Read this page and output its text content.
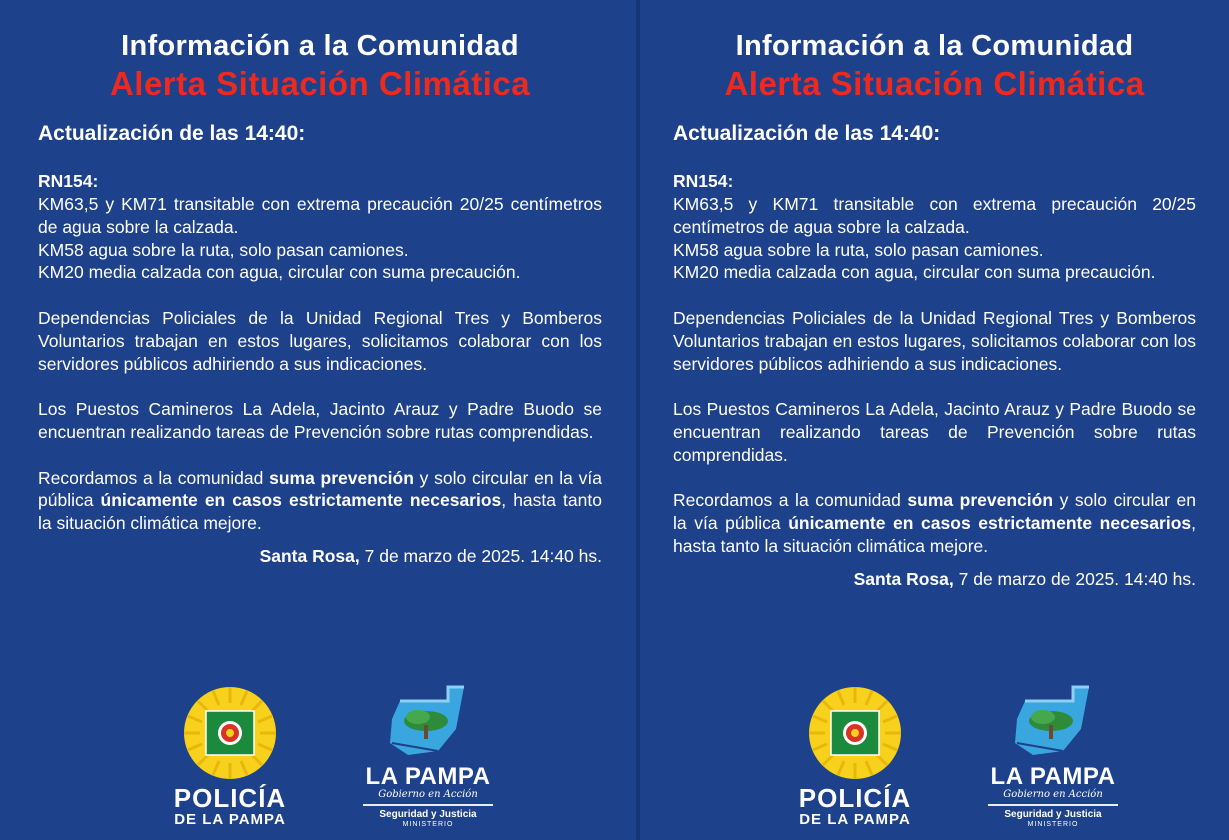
Información a la Comunidad
Alerta Situación Climática
Actualización de las 14:40:
RN154:
KM63,5 y KM71 transitable con extrema precaución 20/25 centímetros de agua sobre la calzada.
KM58 agua sobre la ruta, solo pasan camiones.
KM20 media calzada con agua, circular con suma precaución.
Dependencias Policiales de la Unidad Regional Tres y Bomberos Voluntarios trabajan en estos lugares, solicitamos colaborar con los servidores públicos adhiriendo a sus indicaciones.
Los Puestos Camineros La Adela, Jacinto Arauz y Padre Buodo se encuentran realizando tareas de Prevención sobre rutas comprendidas.
Recordamos a la comunidad suma prevención y solo circular en la vía pública únicamente en casos estrictamente necesarios, hasta tanto la situación climática mejore.
Santa Rosa, 7 de marzo de 2025. 14:40 hs.
POLICÍA
DE LA PAMPA
LA PAMPA
Gobierno en Acción
Seguridad y Justicia
MINISTERIO
Información a la Comunidad
Alerta Situación Climática
Actualización de las 14:40:
RN154:
KM63,5 y KM71 transitable con extrema precaución 20/25 centímetros de agua sobre la calzada.
KM58 agua sobre la ruta, solo pasan camiones.
KM20 media calzada con agua, circular con suma precaución.
Dependencias Policiales de la Unidad Regional Tres y Bomberos Voluntarios trabajan en estos lugares, solicitamos colaborar con los servidores públicos adhiriendo a sus indicaciones.
Los Puestos Camineros La Adela, Jacinto Arauz y Padre Buodo se encuentran realizando tareas de Prevención sobre rutas comprendidas.
Recordamos a la comunidad suma prevención y solo circular en la vía pública únicamente en casos estrictamente necesarios, hasta tanto la situación climática mejore.
Santa Rosa, 7 de marzo de 2025. 14:40 hs.
POLICÍA
DE LA PAMPA
LA PAMPA
Gobierno en Acción
Seguridad y Justicia
MINISTERIO
